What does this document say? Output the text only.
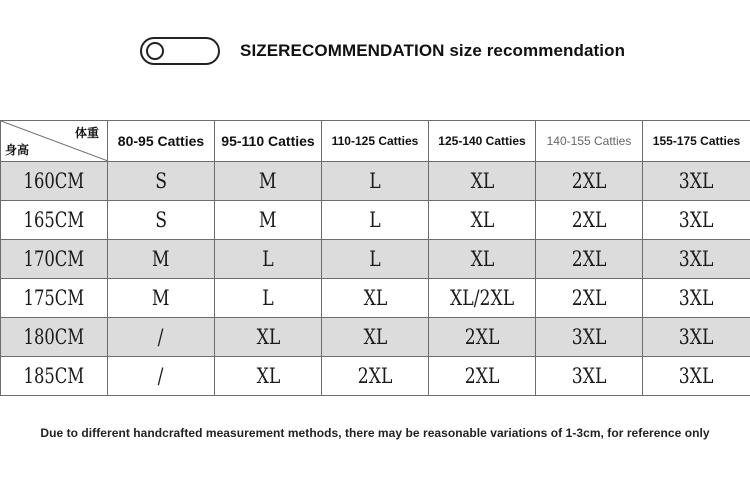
SIZERECOMMENDATION size recommendation
体重
身高	80-95 Catties	95-110 Catties	110-125 Catties	125-140 Catties	140-155 Catties	155-175 Catties
160CM	S	M	L	XL	2XL	3XL
165CM	S	M	L	XL	2XL	3XL
170CM	M	L	L	XL	2XL	3XL
175CM	M	L	XL	XL/2XL	2XL	3XL
180CM	/	XL	XL	2XL	3XL	3XL
185CM	/	XL	2XL	2XL	3XL	3XL
Due to different handcrafted measurement methods, there may be reasonable variations of 1-3cm, for reference only
